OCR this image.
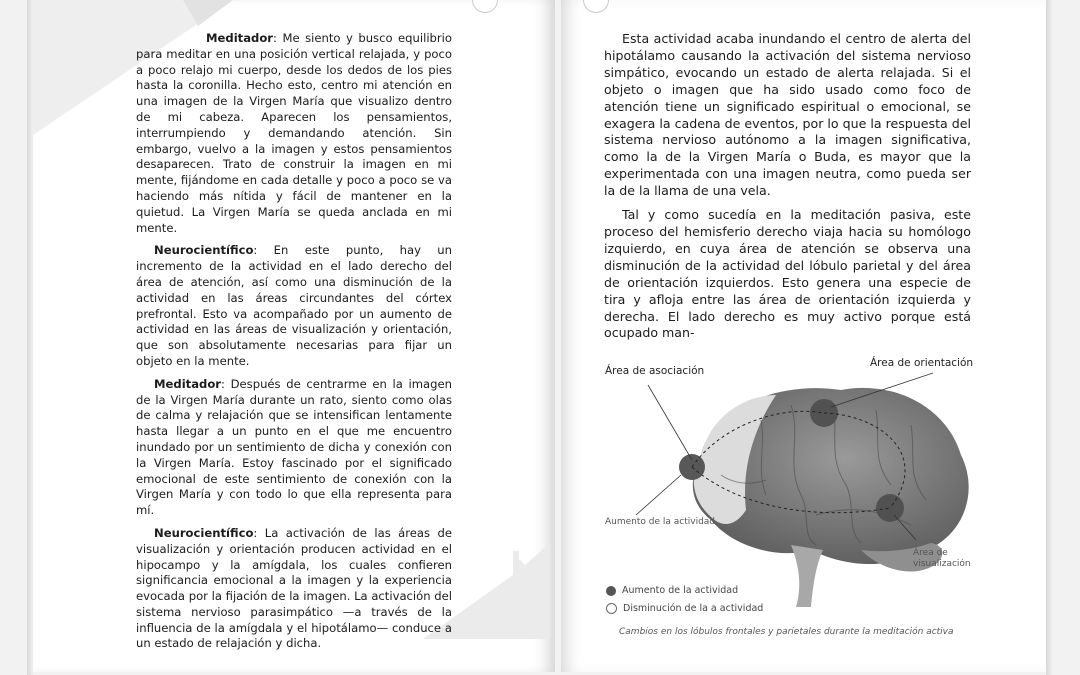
Meditador: Me siento y busco equilibrio para meditar en una posición vertical relajada, y poco a poco relajo mi cuerpo, desde los dedos de los pies hasta la coronilla. Hecho esto, centro mi atención en una imagen de la Virgen María que visualizo dentro de mi cabeza. Aparecen los pensamientos, interrumpiendo y demandando atención. Sin embargo, vuelvo a la imagen y estos pensamientos desaparecen. Trato de construir la imagen en mi mente, fijándome en cada detalle y poco a poco se va haciendo más nítida y fácil de mantener en la quietud. La Virgen María se queda anclada en mi mente.

Neurocientífico: En este punto, hay un incremento de la actividad en el lado derecho del área de atención, así como una disminución de la actividad en las áreas circundantes del córtex prefrontal. Esto va acompañado por un aumento de actividad en las áreas de visualización y orientación, que son absolutamente necesarias para fijar un objeto en la mente.

Meditador: Después de centrarme en la imagen de la Virgen María durante un rato, siento como olas de calma y relajación que se intensifican lentamente hasta llegar a un punto en el que me encuentro inundado por un sentimiento de dicha y conexión con la Virgen María. Estoy fascinado por el significado emocional de este sentimiento de conexión con la Virgen María y con todo lo que ella representa para mí.

Neurocientífico: La activación de las áreas de visualización y orientación producen actividad en el hipocampo y la amígdala, los cuales confieren significancia emocional a la imagen y la experiencia evocada por la fijación de la imagen. La activación del sistema nervioso parasimpático —a través de la influencia de la amígdala y el hipotálamo— conduce a un estado de relajación y dicha.

Esta actividad acaba inundando el centro de alerta del hipotálamo causando la activación del sistema nervioso simpático, evocando un estado de alerta relajada. Si el objeto o imagen que ha sido usado como foco de atención tiene un significado espiritual o emocional, se exagera la cadena de eventos, por lo que la respuesta del sistema nervioso autónomo a la imagen significativa, como la de la Virgen María o Buda, es mayor que la experimentada con una imagen neutra, como pueda ser la de la llama de una vela.

Tal y como sucedía en la meditación pasiva, este proceso del hemisferio derecho viaja hacia su homólogo izquierdo, en cuya área de atención se observa una disminución de la actividad del lóbulo parietal y del área de orientación izquierdos. Esto genera una especie de tira y afloja entre las área de orientación izquierda y derecha. El lado derecho es muy activo porque está ocupado man-

Área de asociación
Área de orientación
Aumento de la actividad
Área de
visualización
Aumento de la actividad
Disminución de la a actividad
Cambios en los lóbulos frontales y parietales durante la meditación activa
